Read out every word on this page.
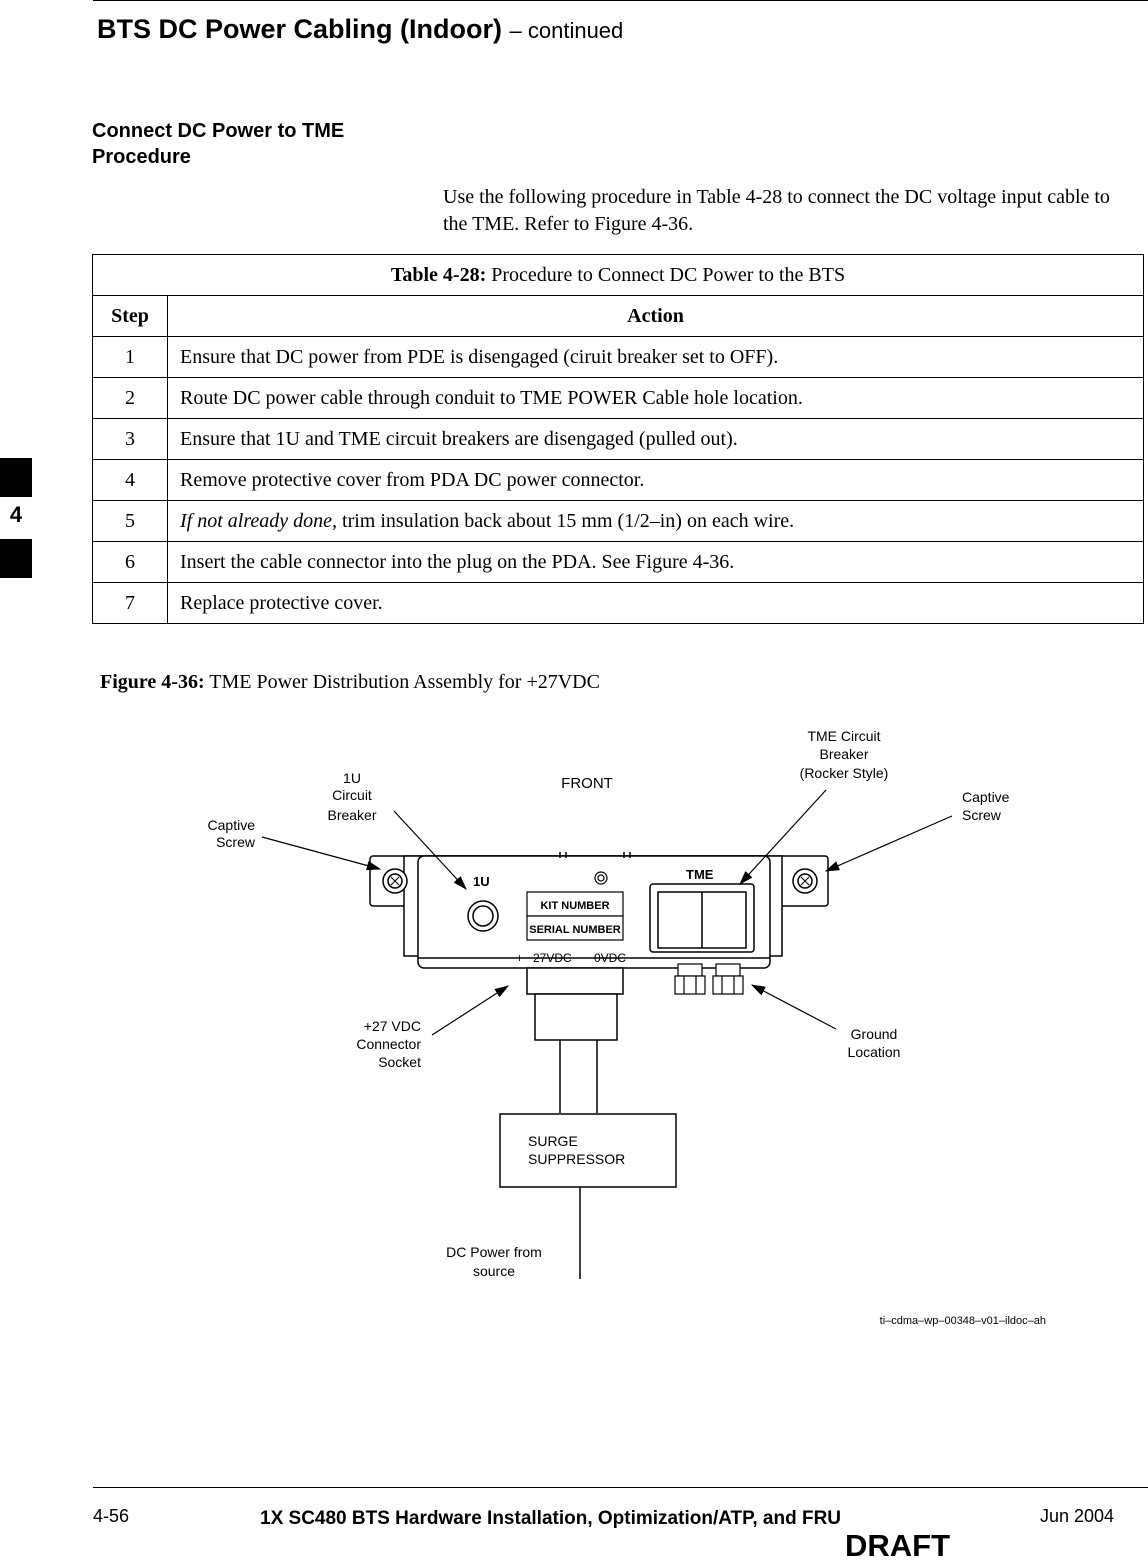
BTS DC Power Cabling (Indoor) – continued
Connect DC Power to TME
Procedure
Use the following procedure in Table 4-28 to connect the DC voltage input cable to the TME. Refer to Figure 4-36.
Table 4-28: Procedure to Connect DC Power to the BTS	
Step	Action
1	Ensure that DC power from PDE is disengaged (ciruit breaker set to OFF).
2	Route DC power cable through conduit to TME POWER Cable hole location.
3	Ensure that 1U and TME circuit breakers are disengaged (pulled out).
4	Remove protective cover from PDA DC power connector.
5	If not already done, trim insulation back about 15 mm (1/2–in) on each wire.
6	Insert the cable connector into the plug on the PDA. See Figure 4-36.
7	Replace protective cover.
4
Figure 4-36: TME Power Distribution Assembly for +27VDC
1U
KIT NUMBER
SERIAL NUMBER
TME
+ 27VDC 0VDC
SURGE
SUPPRESSOR
FRONT
Captive
Screw
1U
Circuit
Breaker
TME Circuit
Breaker
(Rocker Style)
Captive
Screw
+27 VDC
Connector
Socket
Ground
Location
DC Power from
source
ti–cdma–wp–00348–v01–ildoc–ah
4-56	1X SC480 BTS Hardware Installation, Optimization/ATP, and FRU	Jun 2004
DRAFT
